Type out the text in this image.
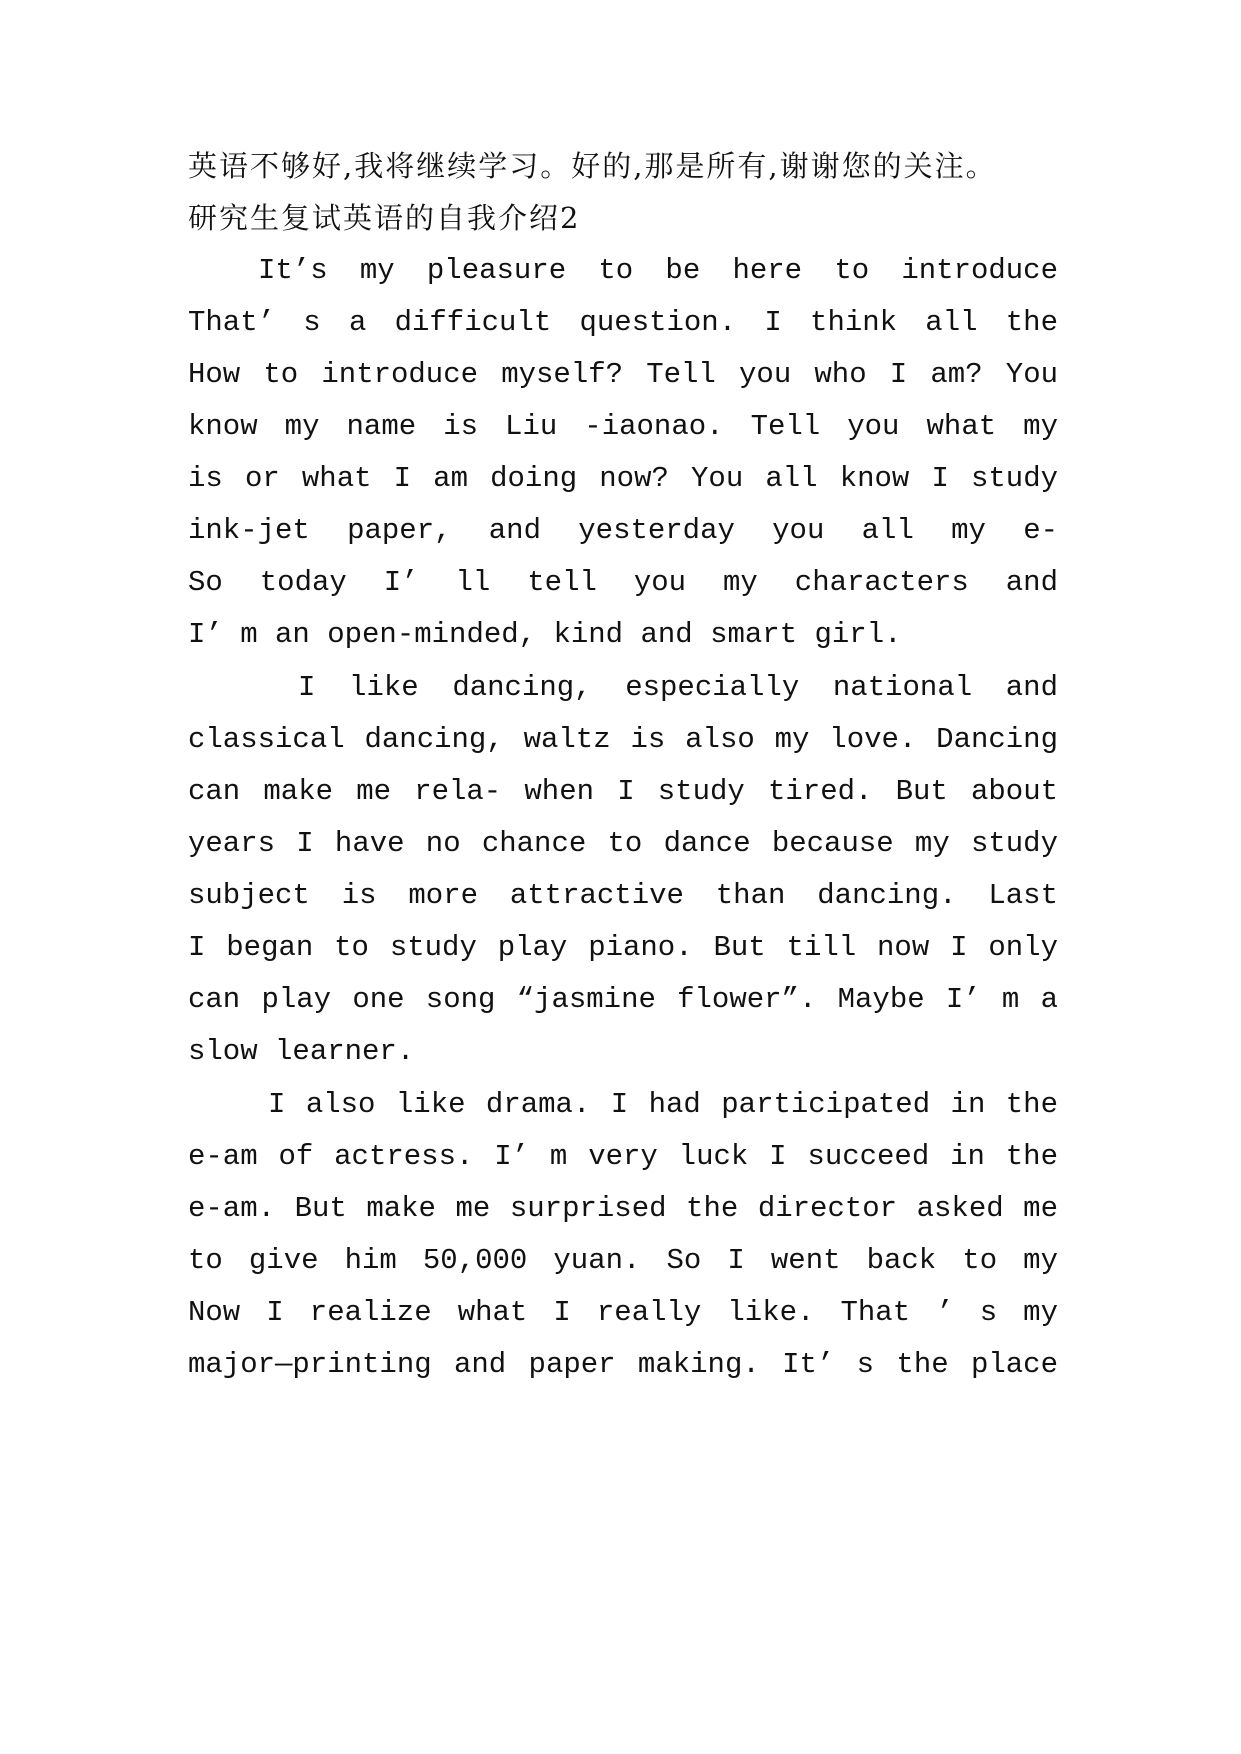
英语不够好,我将继续学习。好的,那是所有,谢谢您的关注。
研究生复试英语的自我介绍2
It’s my pleasure to be here to introduce
That’ s a difficult question. I think all the
How to introduce myself? Tell you who I am? You
know my name is Liu -iaonao. Tell you what my
is or what I am doing now? You all know I study
ink-jet paper, and yesterday you all my e-
So today I’ ll tell you my characters and
I’ m an open-minded, kind and smart girl.
I like dancing, especially national and
classical dancing, waltz is also my love. Dancing
can make me rela- when I study tired. But about
years I have no chance to dance because my study
subject is more attractive than dancing. Last
I began to study play piano. But till now I only
can play one song “jasmine flower”. Maybe I’ m a
slow learner.
I also like drama. I had participated in the
e-am of actress. I’ m very luck I succeed in the
e-am. But make me surprised the director asked me
to give him 50,000 yuan. So I went back to my
Now I realize what I really like. That ’ s my
major—printing and paper making. It’ s the place
